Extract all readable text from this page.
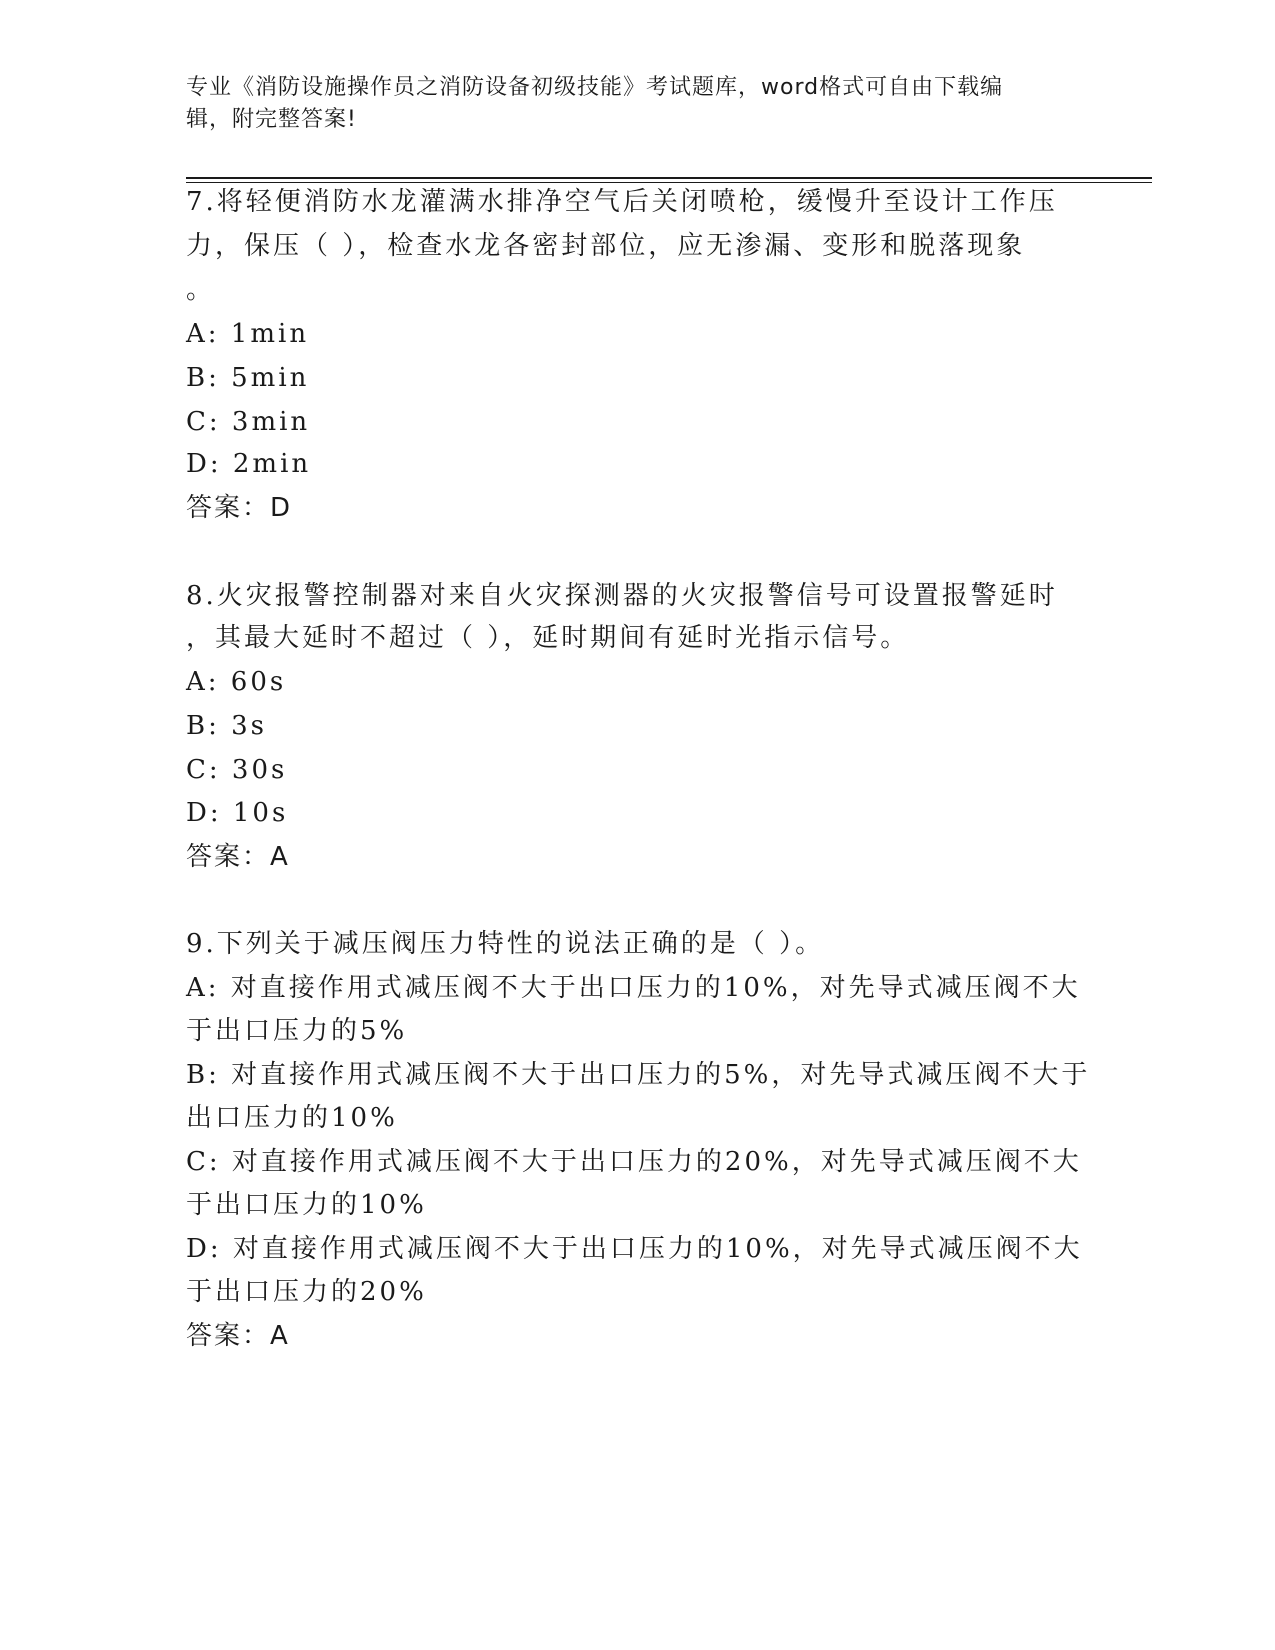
专业《消防设施操作员之消防设备初级技能》考试题库，word格式可自由下载编
辑，附完整答案!
7.将轻便消防水龙灌满水排净空气后关闭喷枪，缓慢升至设计工作压
力，保压（ ），检查水龙各密封部位，应无渗漏、变形和脱落现象
。
A: 1min
B: 5min
C: 3min
D: 2min
答案：D
8.火灾报警控制器对来自火灾探测器的火灾报警信号可设置报警延时
，其最大延时不超过（ ），延时期间有延时光指示信号。
A: 60s
B: 3s
C: 30s
D: 10s
答案：A
9.下列关于减压阀压力特性的说法正确的是（ ）。
A: 对直接作用式减压阀不大于出口压力的10%，对先导式减压阀不大
于出口压力的5%
B: 对直接作用式减压阀不大于出口压力的5%，对先导式减压阀不大于
出口压力的10%
C: 对直接作用式减压阀不大于出口压力的20%，对先导式减压阀不大
于出口压力的10%
D: 对直接作用式减压阀不大于出口压力的10%，对先导式减压阀不大
于出口压力的20%
答案：A
